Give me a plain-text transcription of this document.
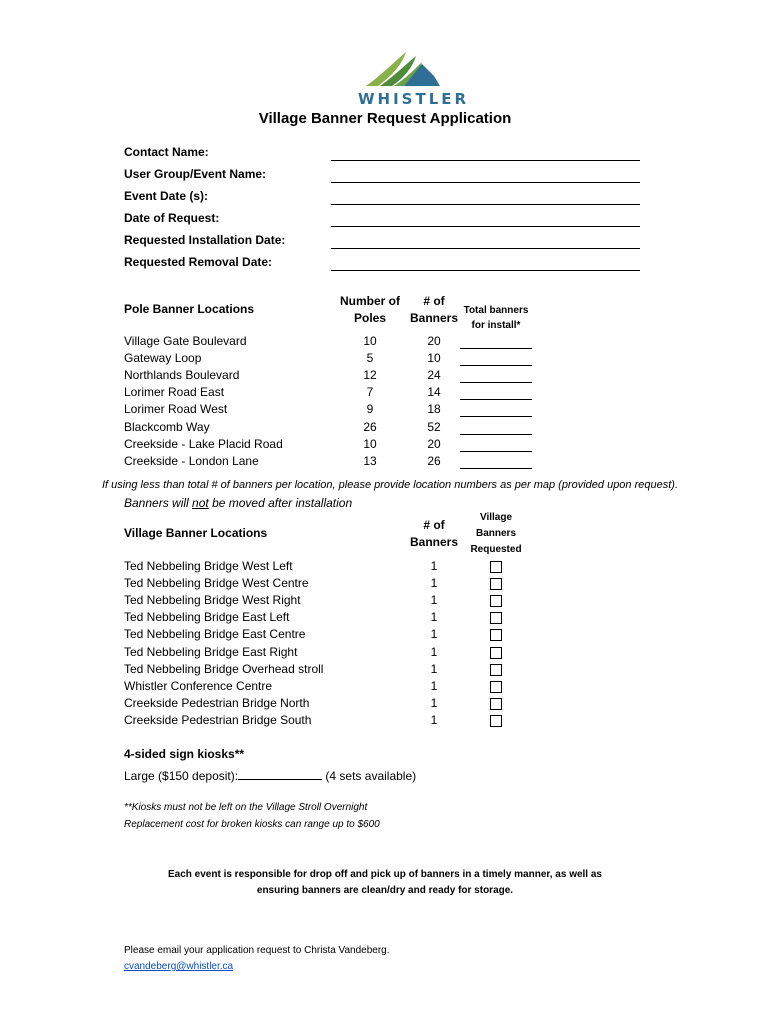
WHISTLER
Village Banner Request Application
Contact Name:
User Group/Event Name:
Event Date (s):
Date of Request:
Requested Installation Date:
Requested Removal Date:
Pole Banner Locations
Number of
Poles
# of
Banners
Total banners
for install*
Village Gate Boulevard	10	20
Gateway Loop	5	10
Northlands Boulevard	12	24
Lorimer Road East	7	14
Lorimer Road West	9	18
Blackcomb Way	26	52
Creekside - Lake Placid Road	10	20
Creekside - London Lane	13	26
If using less than total # of banners per location, please provide location numbers as per map (provided upon request).
Banners will not be moved after installation
Village Banner Locations
# of
Banners
Village
Banners
Requested
Ted Nebbeling Bridge West Left	1
Ted Nebbeling Bridge West Centre	1
Ted Nebbeling Bridge West Right	1
Ted Nebbeling Bridge East Left	1
Ted Nebbeling Bridge East Centre	1
Ted Nebbeling Bridge East Right	1
Ted Nebbeling Bridge Overhead stroll	1
Whistler Conference Centre	1
Creekside Pedestrian Bridge North	1
Creekside Pedestrian Bridge South	1
4-sided sign kiosks**
Large ($150 deposit):	(4 sets available)
**Kiosks must not be left on the Village Stroll Overnight
Replacement cost for broken kiosks can range up to $600
Each event is responsible for drop off and pick up of banners in a timely manner, as well as
ensuring banners are clean/dry and ready for storage.
Please email your application request to Christa Vandeberg.
cvandeberg@whistler.ca
